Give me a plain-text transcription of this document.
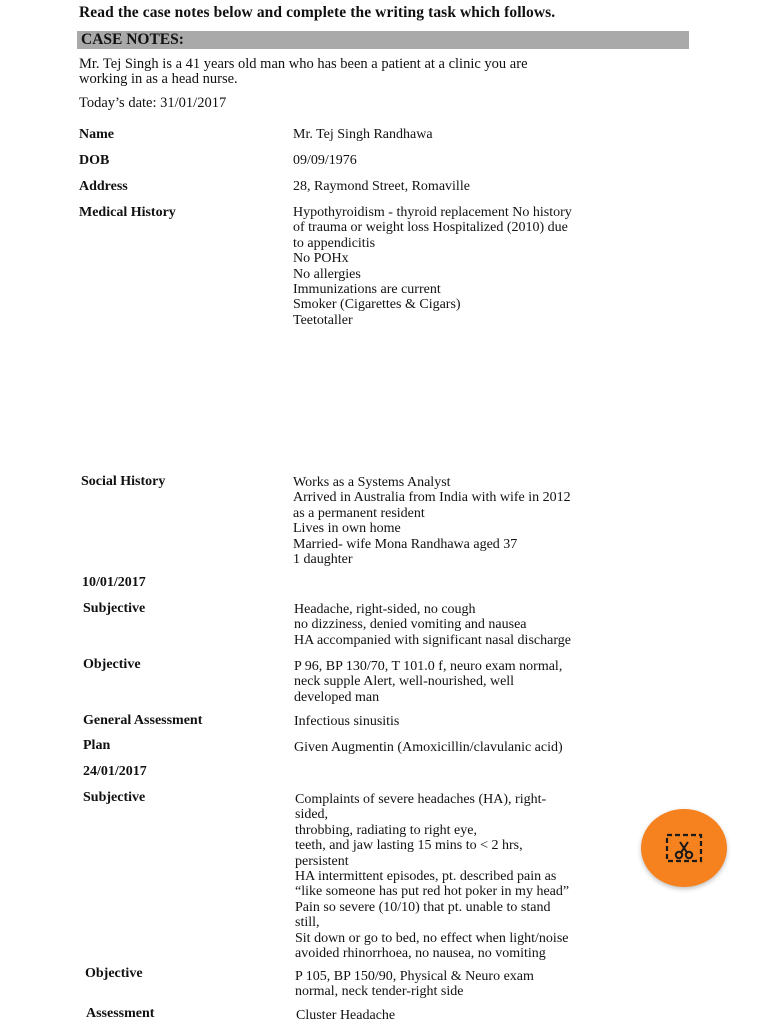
Read the case notes below and complete the writing task which follows.
CASE NOTES:
Mr. Tej Singh is a 41 years old man who has been a patient at a clinic you are
working in as a head nurse.
Today’s date: 31/01/2017
Name	Mr. Tej Singh Randhawa
DOB	09/09/1976
Address	28, Raymond Street, Romaville
Medical History	Hypothyroidism - thyroid replacement No history
of trauma or weight loss Hospitalized (2010) due
to appendicitis
No POHx
No allergies
Immunizations are current
Smoker (Cigarettes & Cigars)
Teetotaller
Social History	Works as a Systems Analyst
Arrived in Australia from India with wife in 2012
as a permanent resident
Lives in own home
Married- wife Mona Randhawa aged 37
1 daughter
10/01/2017
Subjective	Headache, right-sided, no cough
no dizziness, denied vomiting and nausea
HA accompanied with significant nasal discharge
Objective	P 96, BP 130/70, T 101.0 f, neuro exam normal,
neck supple Alert, well-nourished, well
developed man
General Assessment	Infectious sinusitis
Plan	Given Augmentin (Amoxicillin/clavulanic acid)
24/01/2017
Subjective	Complaints of severe headaches (HA), right-
sided,
throbbing, radiating to right eye,
teeth, and jaw lasting 15 mins to < 2 hrs,
persistent
HA intermittent episodes, pt. described pain as
“like someone has put red hot poker in my head”
Pain so severe (10/10) that pt. unable to stand
still,
Sit down or go to bed, no effect when light/noise
avoided rhinorrhoea, no nausea, no vomiting
Objective	P 105, BP 150/90, Physical & Neuro exam
normal, neck tender-right side
Assessment	Cluster Headache
